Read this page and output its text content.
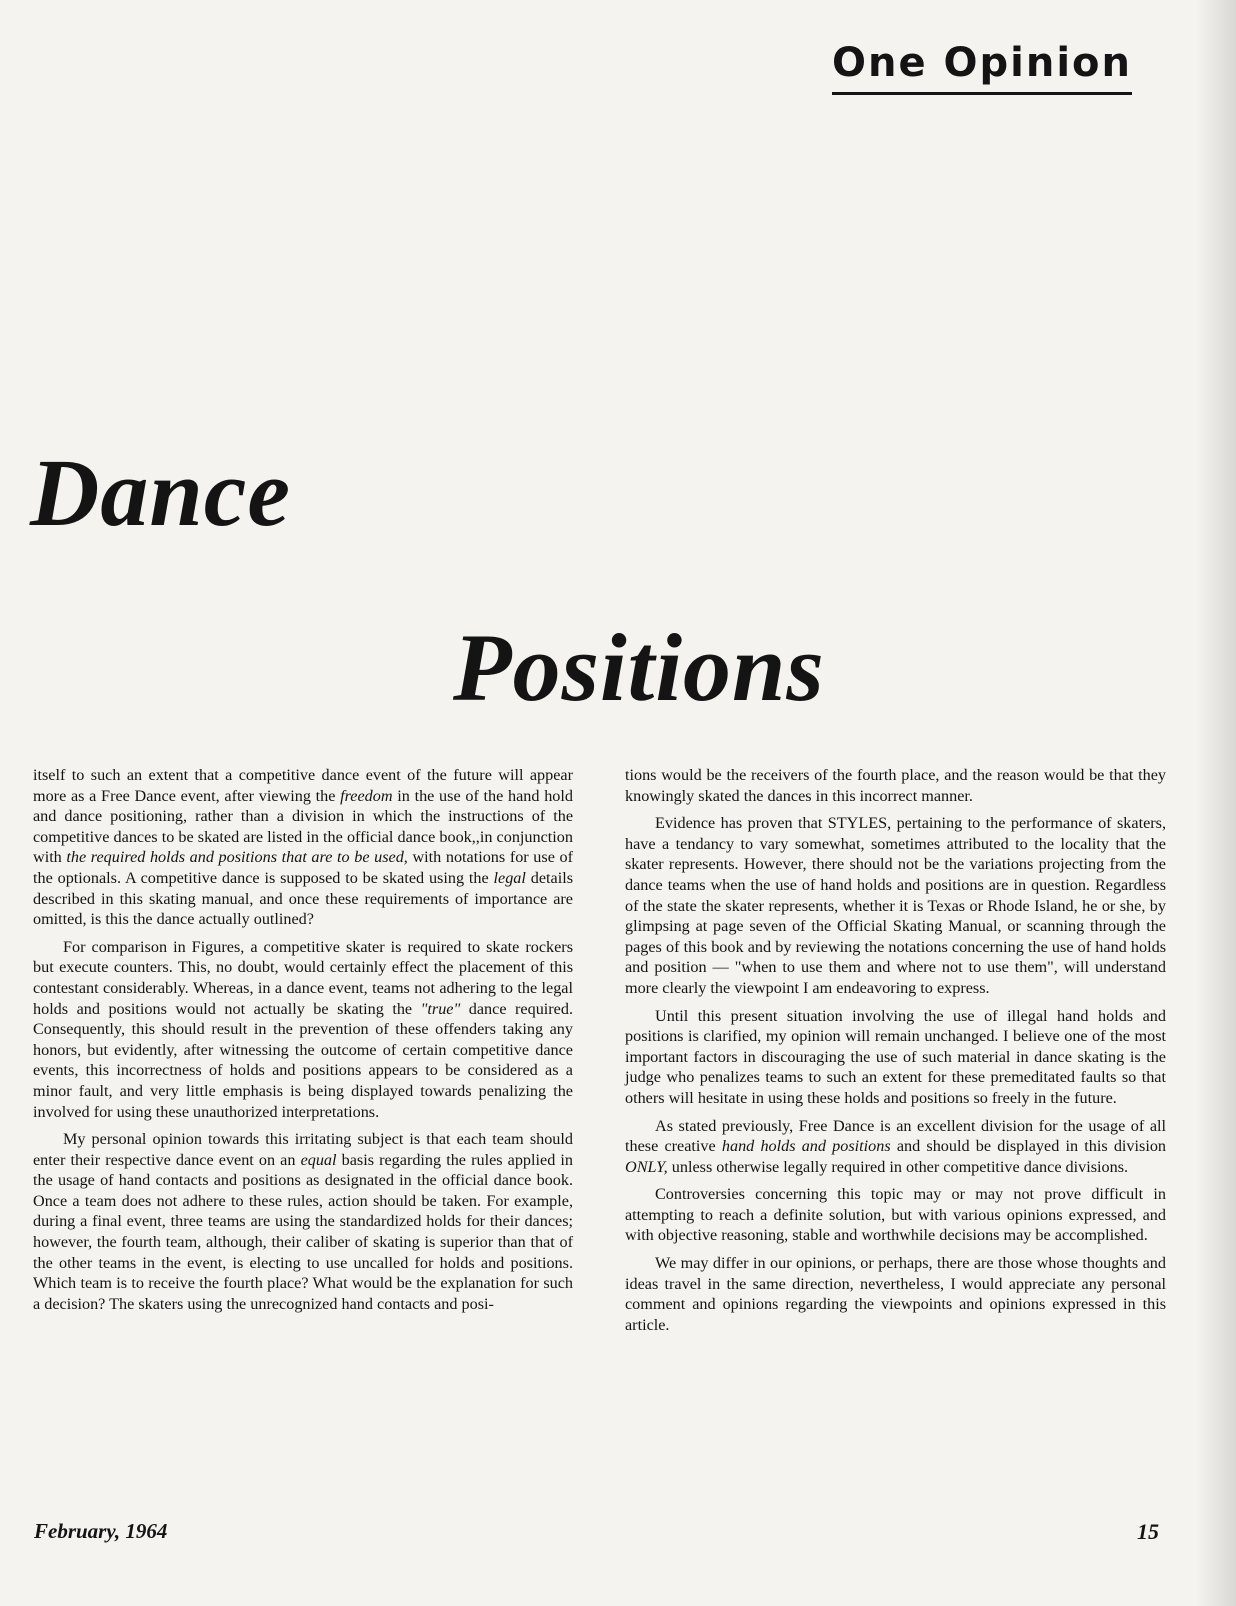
One Opinion
Dance
Positions

itself to such an extent that a competitive dance event of the future will appear more as a Free Dance event, after viewing the freedom in the use of the hand hold and dance positioning, rather than a division in which the instructions of the competitive dances to be skated are listed in the official dance book,,in conjunction with the required holds and positions that are to be used, with notations for use of the optionals. A competitive dance is supposed to be skated using the legal details described in this skating manual, and once these requirements of importance are omitted, is this the dance actually outlined?

For comparison in Figures, a competitive skater is required to skate rockers but execute counters. This, no doubt, would certainly effect the placement of this contestant considerably. Whereas, in a dance event, teams not adhering to the legal holds and positions would not actually be skating the "true" dance required. Consequently, this should result in the prevention of these offenders taking any honors, but evidently, after witnessing the outcome of certain competitive dance events, this incorrectness of holds and positions appears to be considered as a minor fault, and very little emphasis is being displayed towards penalizing the involved for using these unauthorized interpretations.

My personal opinion towards this irritating subject is that each team should enter their respective dance event on an equal basis regarding the rules applied in the usage of hand contacts and positions as designated in the official dance book. Once a team does not adhere to these rules, action should be taken. For example, during a final event, three teams are using the standardized holds for their dances; however, the fourth team, although, their caliber of skating is superior than that of the other teams in the event, is electing to use uncalled for holds and positions. Which team is to receive the fourth place? What would be the explanation for such a decision? The skaters using the unrecognized hand contacts and posi-

tions would be the receivers of the fourth place, and the reason would be that they knowingly skated the dances in this incorrect manner.

Evidence has proven that STYLES, pertaining to the performance of skaters, have a tendancy to vary somewhat, sometimes attributed to the locality that the skater represents. However, there should not be the variations projecting from the dance teams when the use of hand holds and positions are in question. Regardless of the state the skater represents, whether it is Texas or Rhode Island, he or she, by glimpsing at page seven of the Official Skating Manual, or scanning through the pages of this book and by reviewing the notations concerning the use of hand holds and position — "when to use them and where not to use them", will understand more clearly the viewpoint I am endeavoring to express.

Until this present situation involving the use of illegal hand holds and positions is clarified, my opinion will remain unchanged. I believe one of the most important factors in discouraging the use of such material in dance skating is the judge who penalizes teams to such an extent for these premeditated faults so that others will hesitate in using these holds and positions so freely in the future.

As stated previously, Free Dance is an excellent division for the usage of all these creative hand holds and positions and should be displayed in this division ONLY, unless otherwise legally required in other competitive dance divisions.

Controversies concerning this topic may or may not prove difficult in attempting to reach a definite solution, but with various opinions expressed, and with objective reasoning, stable and worthwhile decisions may be accomplished.

We may differ in our opinions, or perhaps, there are those whose thoughts and ideas travel in the same direction, nevertheless, I would appreciate any personal comment and opinions regarding the viewpoints and opinions expressed in this article.

February, 1964	15
